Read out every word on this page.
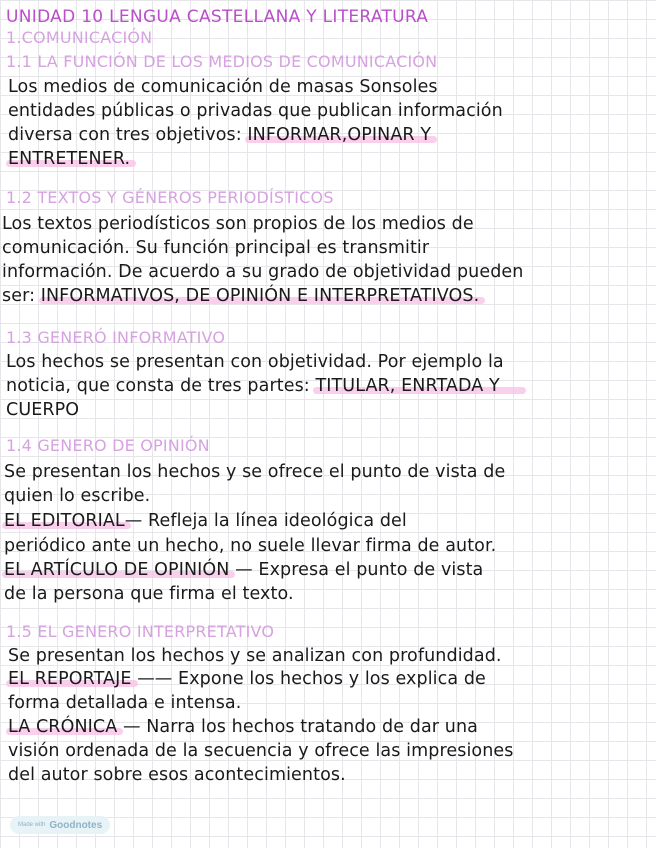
UNIDAD 10 LENGUA CASTELLANA Y LITERATURA
1.COMUNICACIÓN
1.1 LA FUNCIÓN DE LOS MEDIOS DE COMUNICACIÓN
Los medios de comunicación de masas Sonsoles
entidades públicas o privadas que publican información
diversa con tres objetivos: INFORMAR,OPINAR Y
ENTRETENER.
1.2 TEXTOS Y GÉNEROS PERIODÍSTICOS
Los textos periodísticos son propios de los medios de
comunicación. Su función principal es transmitir
información. De acuerdo a su grado de objetividad pueden
ser: INFORMATIVOS, DE OPINIÓN E INTERPRETATIVOS.
1.3 GENERÓ INFORMATIVO
Los hechos se presentan con objetividad. Por ejemplo la
noticia, que consta de tres partes: TITULAR, ENRTADA Y
CUERPO
1.4 GENERO DE OPINIÓN
Se presentan los hechos y se ofrece el punto de vista de
quien lo escribe.
EL EDITORIAL— Refleja la línea ideológica del
periódico ante un hecho, no suele llevar firma de autor.
EL ARTÍCULO DE OPINIÓN — Expresa el punto de vista
de la persona que firma el texto.
1.5 EL GENERO INTERPRETATIVO
Se presentan los hechos y se analizan con profundidad.
EL REPORTAJE —— Expone los hechos y los explica de
forma detallada e intensa.
LA CRÓNICA — Narra los hechos tratando de dar una
visión ordenada de la secuencia y ofrece las impresiones
del autor sobre esos acontecimientos.
Made with Goodnotes
